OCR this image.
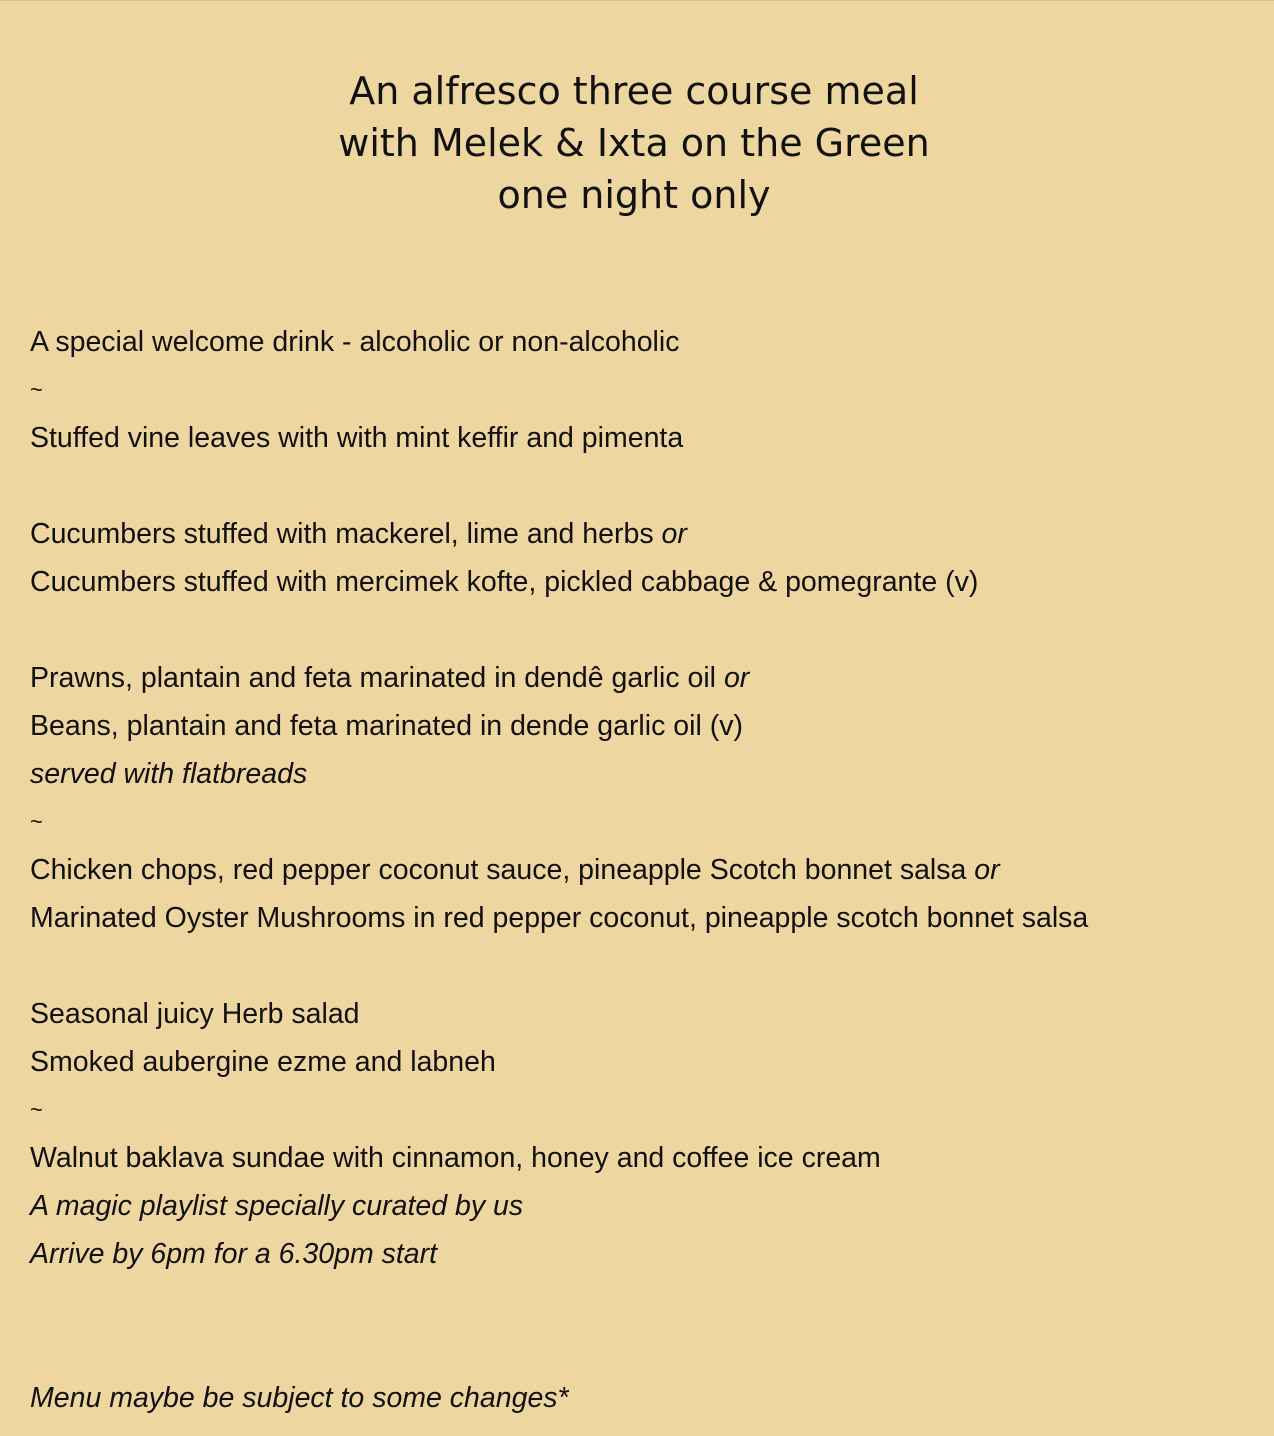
An alfresco three course meal
with Melek & Ixta on the Green
one night only
A special welcome drink - alcoholic or non-alcoholic
~
Stuffed vine leaves with with mint keffir and pimenta
Cucumbers stuffed with mackerel, lime and herbs or
Cucumbers stuffed with mercimek kofte, pickled cabbage & pomegrante (v)
Prawns, plantain and feta marinated in dendê garlic oil or
Beans, plantain and feta marinated in dende garlic oil (v)
served with flatbreads
~
Chicken chops, red pepper coconut sauce, pineapple Scotch bonnet salsa or
Marinated Oyster Mushrooms in red pepper coconut, pineapple scotch bonnet salsa
Seasonal juicy Herb salad
Smoked aubergine ezme and labneh
~
Walnut baklava sundae with cinnamon, honey and coffee ice cream
A magic playlist specially curated by us
Arrive by 6pm for a 6.30pm start
Menu maybe be subject to some changes*
